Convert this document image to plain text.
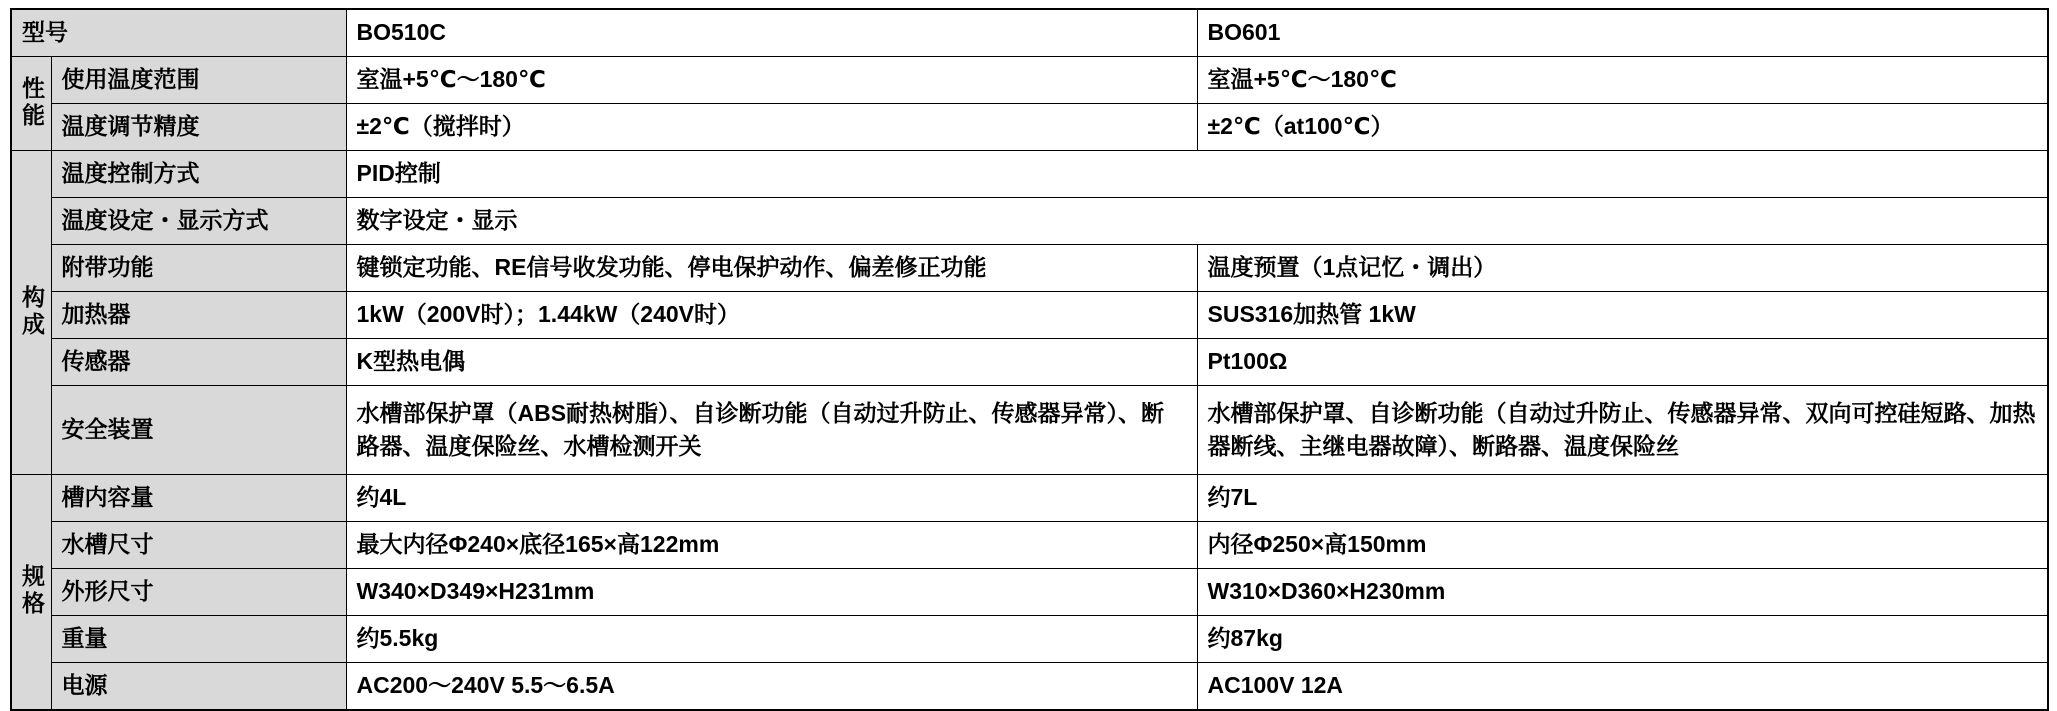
型号		BO510C	BO601
性能	使用温度范围	室温+5℃～180℃	室温+5℃～180℃
	温度调节精度	±2℃（搅拌时）	±2℃（at100℃）
构成	温度控制方式	PID控制	
	温度设定・显示方式	数字设定・显示	
	附带功能	键锁定功能、RE信号收发功能、停电保护动作、偏差修正功能	温度预置（1点记忆・调出）
	加热器	1kW（200V时）；1.44kW（240V时）	SUS316加热管 1kW
	传感器	K型热电偶	Pt100Ω
	安全装置	水槽部保护罩（ABS耐热树脂）、自诊断功能（自动过升防止、传感器异常）、断路器、温度保险丝、水槽检测开关	水槽部保护罩、自诊断功能（自动过升防止、传感器异常、双向可控硅短路、加热器断线、主继电器故障）、断路器、温度保险丝
规格	槽内容量	约4L	约7L
	水槽尺寸	最大内径Φ240×底径165×高122mm	内径Φ250×高150mm
	外形尺寸	W340×D349×H231mm	W310×D360×H230mm
	重量	约5.5kg	约87kg
	电源	AC200～240V 5.5～6.5A	AC100V 12A
